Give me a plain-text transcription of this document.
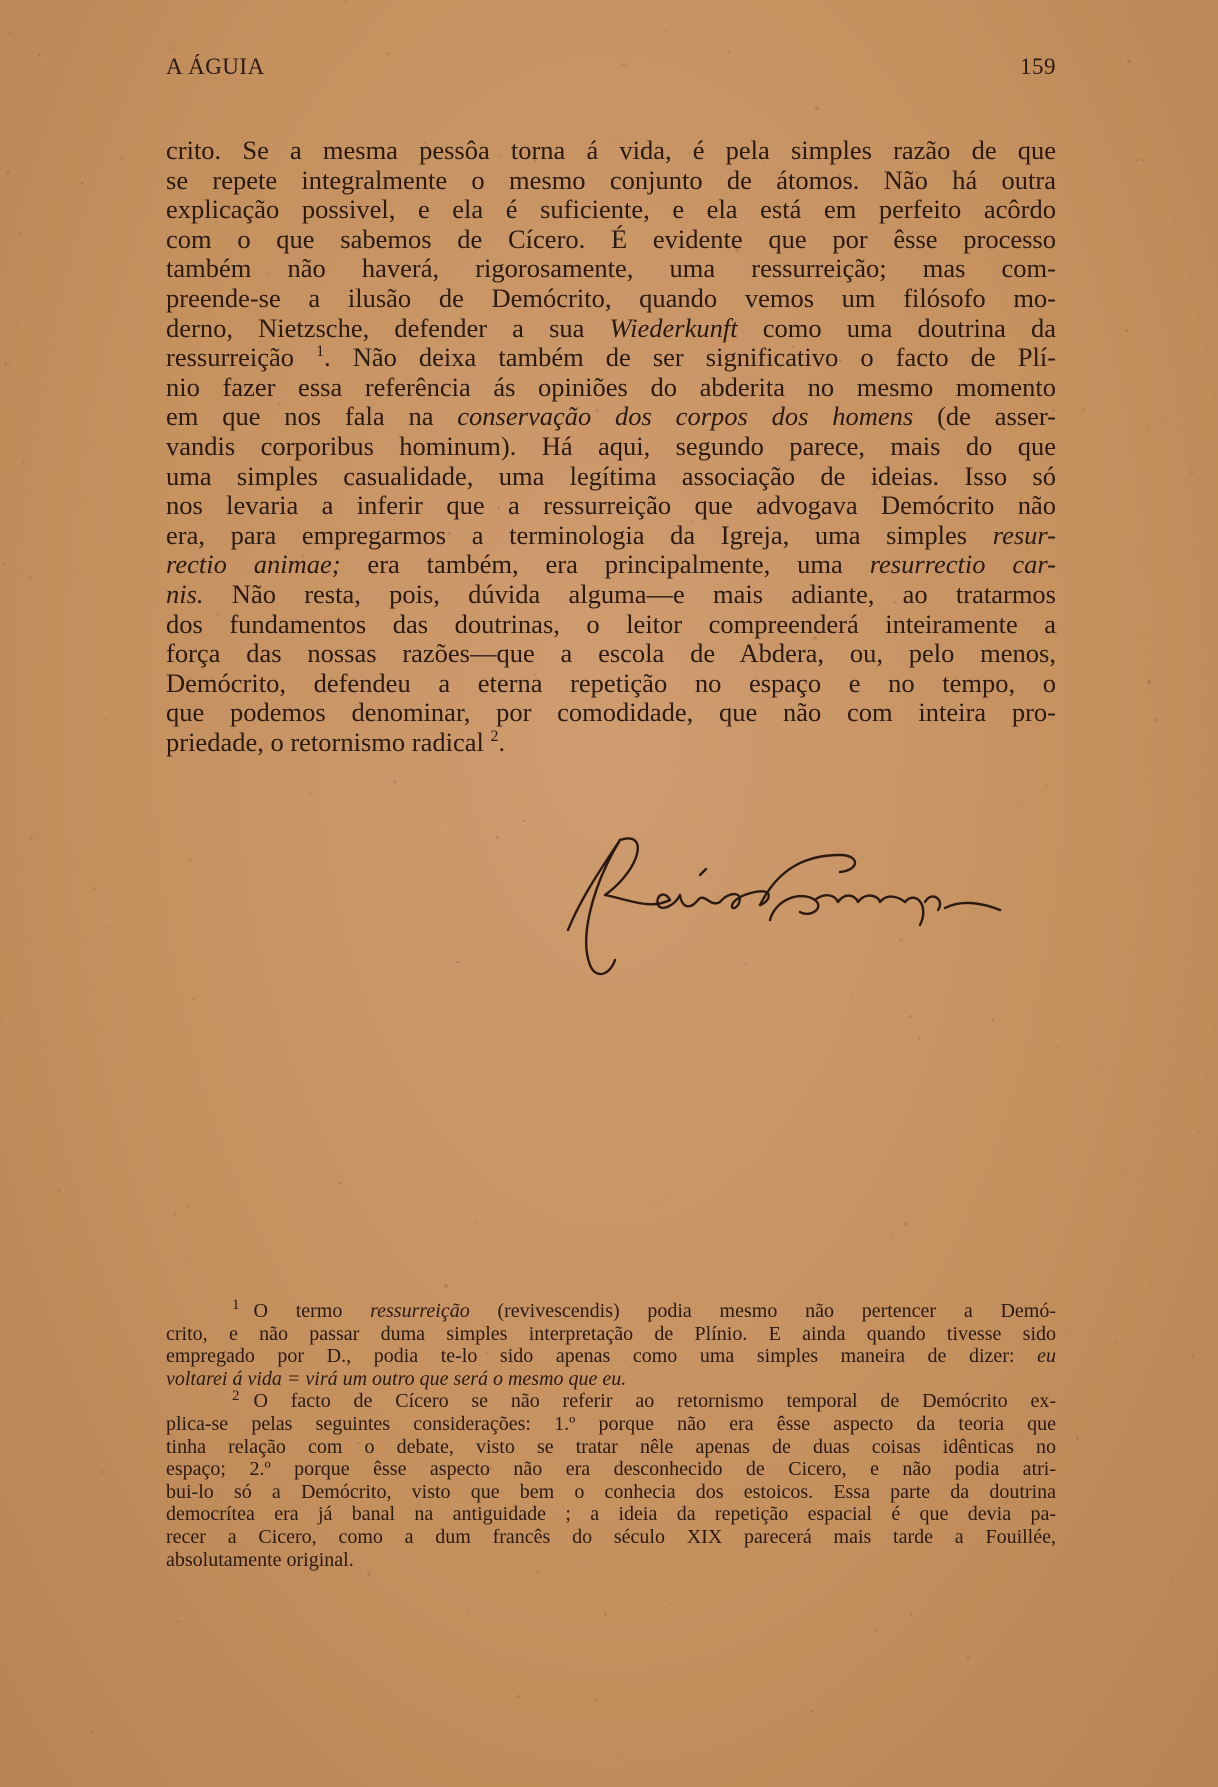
A ÁGUIA	159
crito. Se a mesma pessôa torna á vida, é pela simples razão de que
se repete integralmente o mesmo conjunto de átomos. Não há outra
explicação possivel, e ela é suficiente, e ela está em perfeito acôrdo
com o que sabemos de Cícero. É evidente que por êsse processo
também não haverá, rigorosamente, uma ressurreição; mas com-
preende-se a ilusão de Demócrito, quando vemos um filósofo mo-
derno, Nietzsche, defender a sua Wiederkunft como uma doutrina da
ressurreição $^1$. Não deixa também de ser significativo o facto de Plí-
nio fazer essa referência ás opiniões do abderita no mesmo momento
em que nos fala na conservação dos corpos dos homens (de asser-
vandis corporibus hominum). Há aqui, segundo parece, mais do que
uma simples casualidade, uma legítima associação de ideias. Isso só
nos levaria a inferir que a ressurreição que advogava Demócrito não
era, para empregarmos a terminologia da Igreja, uma simples resur-
rectio animae; era também, era principalmente, uma resurrectio car-
nis. Não resta, pois, dúvida alguma—e mais adiante, ao tratarmos
dos fundamentos das doutrinas, o leitor compreenderá inteiramente a
força das nossas razões—que a escola de Abdera, ou, pelo menos,
Demócrito, defendeu a eterna repetição no espaço e no tempo, o
que podemos denominar, por comodidade, que não com inteira pro-
priedade, o retornismo radical $^2$.
$^1$ O termo ressurreição (revivescendis) podia mesmo não pertencer a Demó-
crito, e não passar duma simples interpretação de Plínio. E ainda quando tivesse sido
empregado por D., podia te-lo sido apenas como uma simples maneira de dizer: eu
voltarei á vida = virá um outro que será o mesmo que eu.
$^2$ O facto de Cícero se não referir ao retornismo temporal de Demócrito ex-
plica-se pelas seguintes considerações: 1.º porque não era êsse aspecto da teoria que
tinha relação com o debate, visto se tratar nêle apenas de duas coisas idênticas no
espaço; 2.º porque êsse aspecto não era desconhecido de Cicero, e não podia atri-
bui-lo só a Demócrito, visto que bem o conhecia dos estoicos. Essa parte da doutrina
democrítea era já banal na antiguidade ; a ideia da repetição espacial é que devia pa-
recer a Cicero, como a dum francês do século XIX parecerá mais tarde a Fouillée,
absolutamente original.
